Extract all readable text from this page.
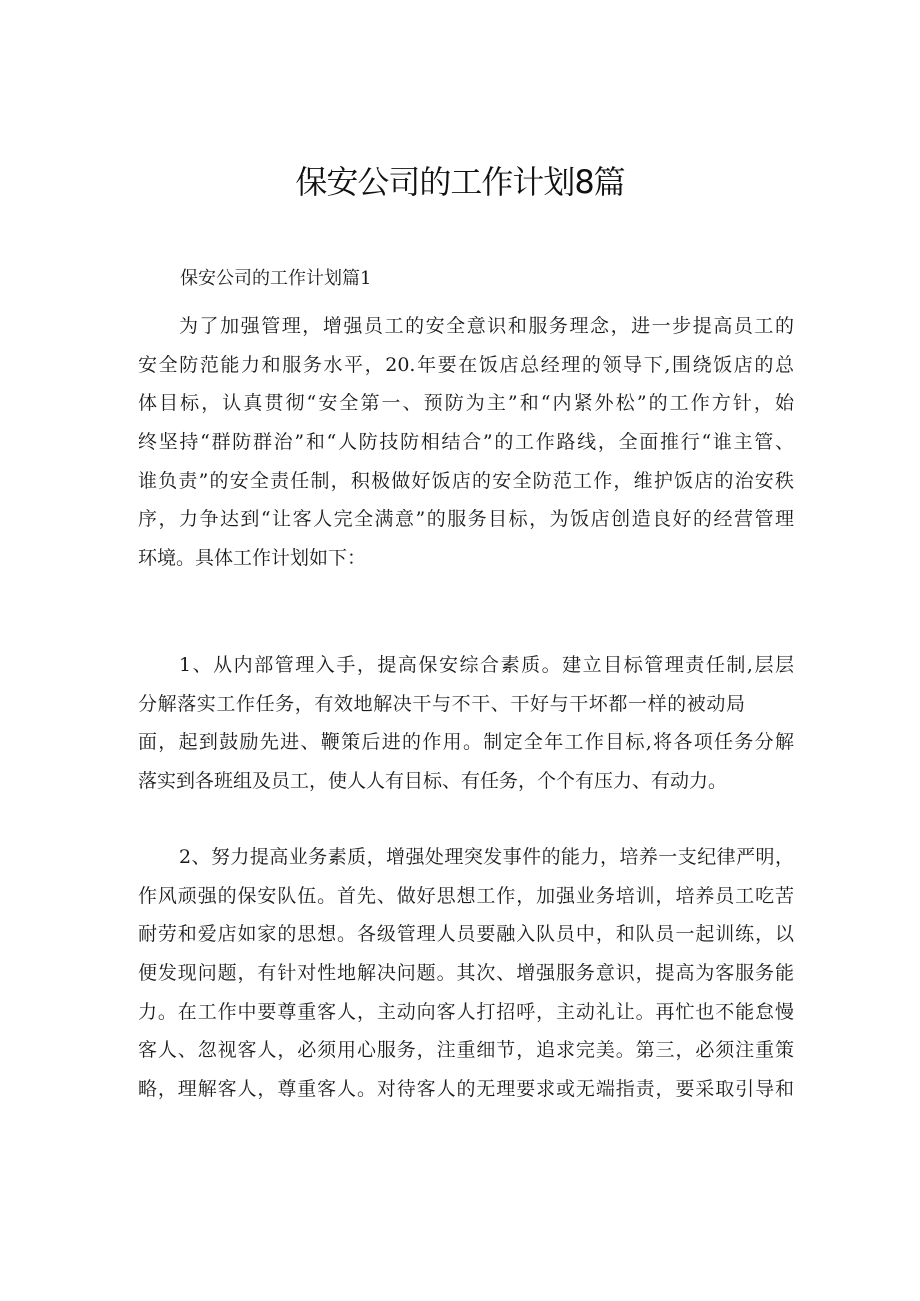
保安公司的工作计划8篇
保安公司的工作计划篇1
为了加强管理，增强员工的安全意识和服务理念，进一步提高员工的
安全防范能力和服务水平，20.年要在饭店总经理的领导下,围绕饭店的总
体目标，认真贯彻“安全第一、预防为主”和“内紧外松”的工作方针，始
终坚持“群防群治”和“人防技防相结合”的工作路线，全面推行“谁主管、
谁负责”的安全责任制，积极做好饭店的安全防范工作，维护饭店的治安秩
序，力争达到“让客人完全满意”的服务目标，为饭店创造良好的经营管理
环境。具体工作计划如下：
1、从内部管理入手，提高保安综合素质。建立目标管理责任制,层层
分解落实工作任务，有效地解决干与不干、干好与干坏都一样的被动局
面，起到鼓励先进、鞭策后进的作用。制定全年工作目标,将各项任务分解
落实到各班组及员工，使人人有目标、有任务，个个有压力、有动力。
2、努力提高业务素质，增强处理突发事件的能力，培养一支纪律严明，
作风顽强的保安队伍。首先、做好思想工作，加强业务培训，培养员工吃苦
耐劳和爱店如家的思想。各级管理人员要融入队员中，和队员一起训练，以
便发现问题，有针对性地解决问题。其次、增强服务意识，提高为客服务能
力。在工作中要尊重客人，主动向客人打招呼，主动礼让。再忙也不能怠慢
客人、忽视客人，必须用心服务，注重细节，追求完美。第三，必须注重策
略，理解客人，尊重客人。对待客人的无理要求或无端指责，要采取引导和
